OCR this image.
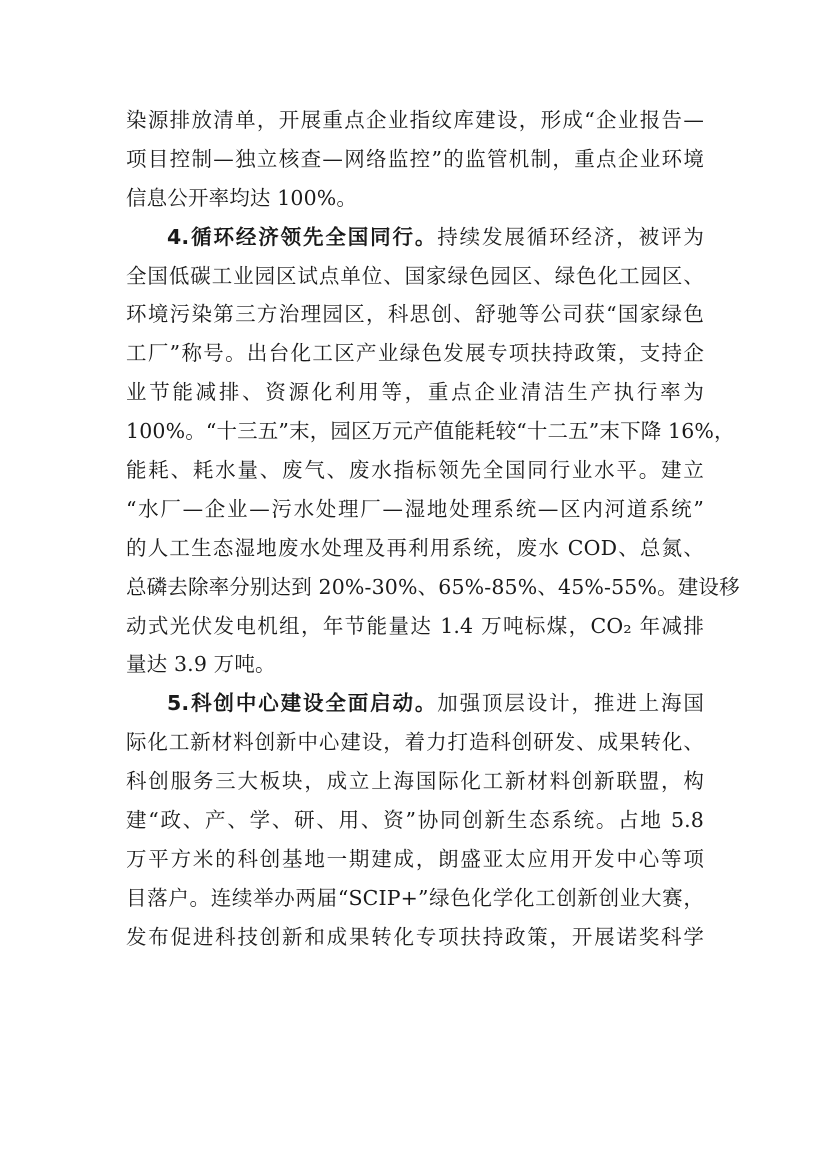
染源排放清单，开展重点企业指纹库建设，形成“企业报告—
项目控制—独立核查—网络监控”的监管机制，重点企业环境
信息公开率均达 100%。
4.循环经济领先全国同行。持续发展循环经济，被评为
全国低碳工业园区试点单位、国家绿色园区、绿色化工园区、
环境污染第三方治理园区，科思创、舒驰等公司获“国家绿色
工厂”称号。出台化工区产业绿色发展专项扶持政策，支持企
业节能减排、资源化利用等，重点企业清洁生产执行率为
100%。“十三五”末，园区万元产值能耗较“十二五”末下降 16%，
能耗、耗水量、废气、废水指标领先全国同行业水平。建立
“水厂—企业—污水处理厂—湿地处理系统—区内河道系统”
的人工生态湿地废水处理及再利用系统，废水 COD、总氮、
总磷去除率分别达到 20%-30%、65%-85%、45%-55%。建设移
动式光伏发电机组，年节能量达 1.4 万吨标煤，CO₂ 年减排
量达 3.9 万吨。
5.科创中心建设全面启动。加强顶层设计，推进上海国
际化工新材料创新中心建设，着力打造科创研发、成果转化、
科创服务三大板块，成立上海国际化工新材料创新联盟，构
建“政、产、学、研、用、资”协同创新生态系统。占地 5.8
万平方米的科创基地一期建成，朗盛亚太应用开发中心等项
目落户。连续举办两届“SCIP+”绿色化学化工创新创业大赛，
发布促进科技创新和成果转化专项扶持政策，开展诺奖科学
